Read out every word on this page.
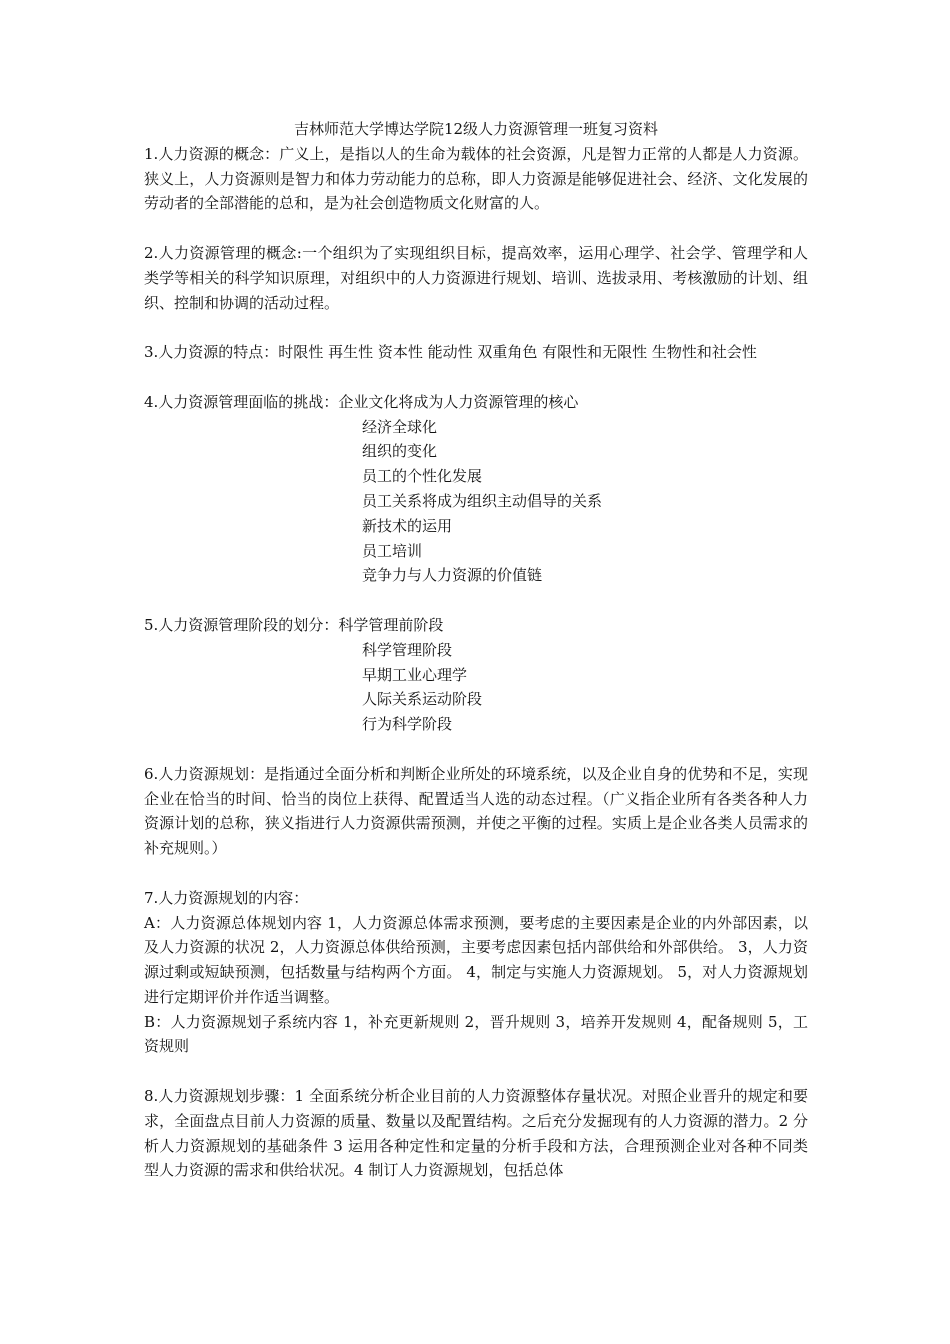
吉林师范大学博达学院12级人力资源管理一班复习资料

1.人力资源的概念：广义上，是指以人的生命为载体的社会资源，凡是智力正常的人都是人力资源。狭义上，人力资源则是智力和体力劳动能力的总称，即人力资源是能够促进社会、经济、文化发展的劳动者的全部潜能的总和，是为社会创造物质文化财富的人。

2.人力资源管理的概念:一个组织为了实现组织目标，提高效率，运用心理学、社会学、管理学和人类学等相关的科学知识原理，对组织中的人力资源进行规划、培训、选拔录用、考核激励的计划、组织、控制和协调的活动过程。

3.人力资源的特点：时限性 再生性 资本性 能动性 双重角色 有限性和无限性 生物性和社会性

4.人力资源管理面临的挑战：企业文化将成为人力资源管理的核心

经济全球化
组织的变化
员工的个性化发展
员工关系将成为组织主动倡导的关系
新技术的运用
员工培训
竞争力与人力资源的价值链

5.人力资源管理阶段的划分：科学管理前阶段

科学管理阶段
早期工业心理学
人际关系运动阶段
行为科学阶段

6.人力资源规划：是指通过全面分析和判断企业所处的环境系统，以及企业自身的优势和不足，实现企业在恰当的时间、恰当的岗位上获得、配置适当人选的动态过程。（广义指企业所有各类各种人力资源计划的总称，狭义指进行人力资源供需预测，并使之平衡的过程。实质上是企业各类人员需求的补充规则。）

7.人力资源规划的内容：

A：人力资源总体规划内容 1，人力资源总体需求预测，要考虑的主要因素是企业的内外部因素，以及人力资源的状况 2，人力资源总体供给预测，主要考虑因素包括内部供给和外部供给。 3，人力资源过剩或短缺预测，包括数量与结构两个方面。 4，制定与实施人力资源规划。 5，对人力资源规划进行定期评价并作适当调整。

B：人力资源规划子系统内容 1，补充更新规则 2，晋升规则 3，培养开发规则 4，配备规则 5，工资规则

8.人力资源规划步骤：1 全面系统分析企业目前的人力资源整体存量状况。对照企业晋升的规定和要求，全面盘点目前人力资源的质量、数量以及配置结构。之后充分发掘现有的人力资源的潜力。2 分析人力资源规划的基础条件 3 运用各种定性和定量的分析手段和方法，合理预测企业对各种不同类型人力资源的需求和供给状况。4 制订人力资源规划，包括总体
